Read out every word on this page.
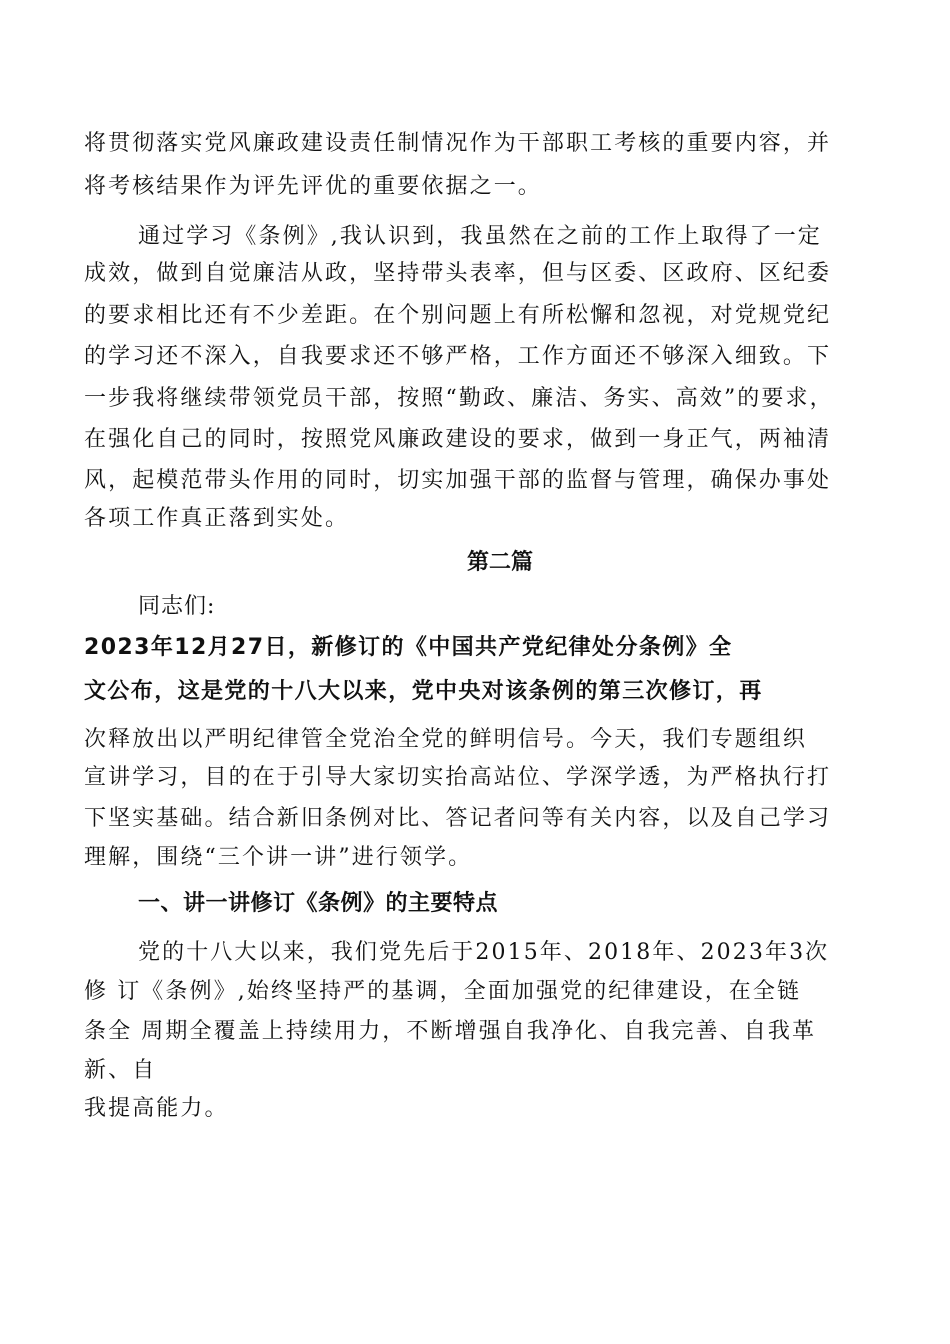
将贯彻落实党风廉政建设责任制情况作为干部职工考核的重要内容，并
将考核结果作为评先评优的重要依据之一。
通过学习《条例》,我认识到，我虽然在之前的工作上取得了一定
成效，做到自觉廉洁从政，坚持带头表率，但与区委、区政府、区纪委
的要求相比还有不少差距。在个别问题上有所松懈和忽视，对党规党纪
的学习还不深入，自我要求还不够严格，工作方面还不够深入细致。下
一步我将继续带领党员干部，按照“勤政、廉洁、务实、高效”的要求，
在强化自己的同时，按照党风廉政建设的要求，做到一身正气，两袖清
风，起模范带头作用的同时，切实加强干部的监督与管理，确保办事处
各项工作真正落到实处。
第二篇
同志们:
2023年12月27日，新修订的《中国共产党纪律处分条例》全
文公布，这是党的十八大以来，党中央对该条例的第三次修订，再
次释放出以严明纪律管全党治全党的鲜明信号。今天，我们专题组织
宣讲学习，目的在于引导大家切实抬高站位、学深学透，为严格执行打
下坚实基础。结合新旧条例对比、答记者问等有关内容，以及自己学习
理解，围绕“三个讲一讲”进行领学。
一、讲一讲修订《条例》的主要特点
党的十八大以来，我们党先后于2015年、2018年、2023年3次
修 订《条例》,始终坚持严的基调，全面加强党的纪律建设，在全链
条全 周期全覆盖上持续用力，不断增强自我净化、自我完善、自我革
新、自
我提高能力。
